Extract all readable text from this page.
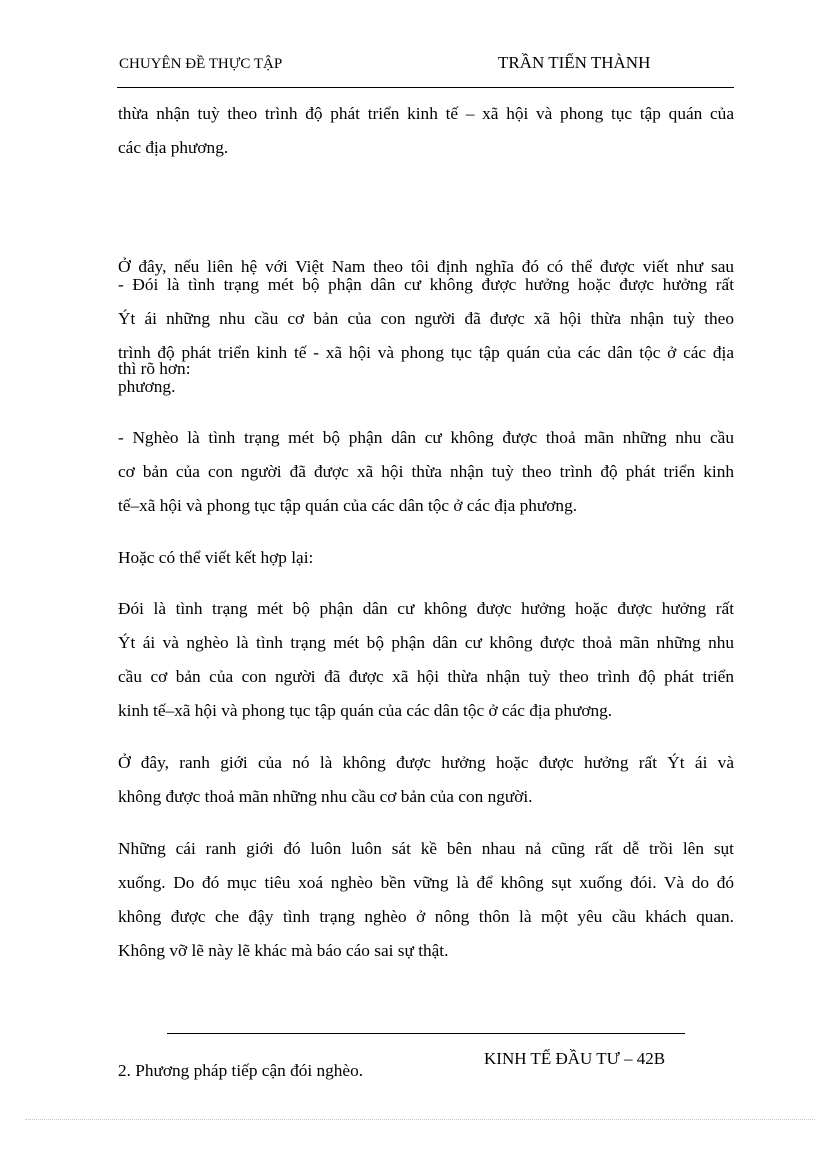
CHUYÊN ĐỀ THỰC TẬP	TRẦN TIẾN THÀNH

thừa nhận tuỳ theo trình độ phát triển kinh tế – xã hội và phong tục tập quán của
các địa phương.

Ở đây, nếu liên hệ với Việt Nam theo tôi định nghĩa đó có thể được viết như sau

thì rõ hơn:

- Đói là tình trạng mét bộ phận dân cư không được hưởng hoặc được hưởng rất
Ýt ái những nhu cầu cơ bản của con người đã được xã hội thừa nhận tuỳ theo
trình độ phát triển kinh tế - xã hội và phong tục tập quán của các dân tộc ở các địa
phương.

- Nghèo là tình trạng mét bộ phận dân cư không được thoả mãn những nhu cầu
cơ bản của con người đã được xã hội thừa nhận tuỳ theo trình độ phát triển kinh
tế–xã hội và phong tục tập quán của các dân tộc ở các địa phương.

Hoặc có thể viết kết hợp lại:

Đói là tình trạng mét bộ phận dân cư không được hưởng hoặc được hưởng rất
Ýt ái và nghèo là tình trạng mét bộ phận dân cư không được thoả mãn những nhu
cầu cơ bản của con người đã được xã hội thừa nhận tuỳ theo trình độ phát triển
kinh tế–xã hội và phong tục tập quán của các dân tộc ở các địa phương.

Ở đây, ranh giới của nó là không được hưởng hoặc được hưởng rất Ýt ái và
không được thoả mãn những nhu cầu cơ bản của con người.

Những cái ranh giới đó luôn luôn sát kề bên nhau nả cũng rất dễ trồi lên sụt
xuống. Do đó mục tiêu xoá nghèo bền vững là để không sụt xuống đói. Và do đó
không được che đậy tình trạng nghèo ở nông thôn là một yêu cầu khách quan.
Không vỡ lẽ này lẽ khác mà báo cáo sai sự thật.

2. Phương pháp tiếp cận đói nghèo.

KINH TẾ ĐẦU TƯ – 42B
